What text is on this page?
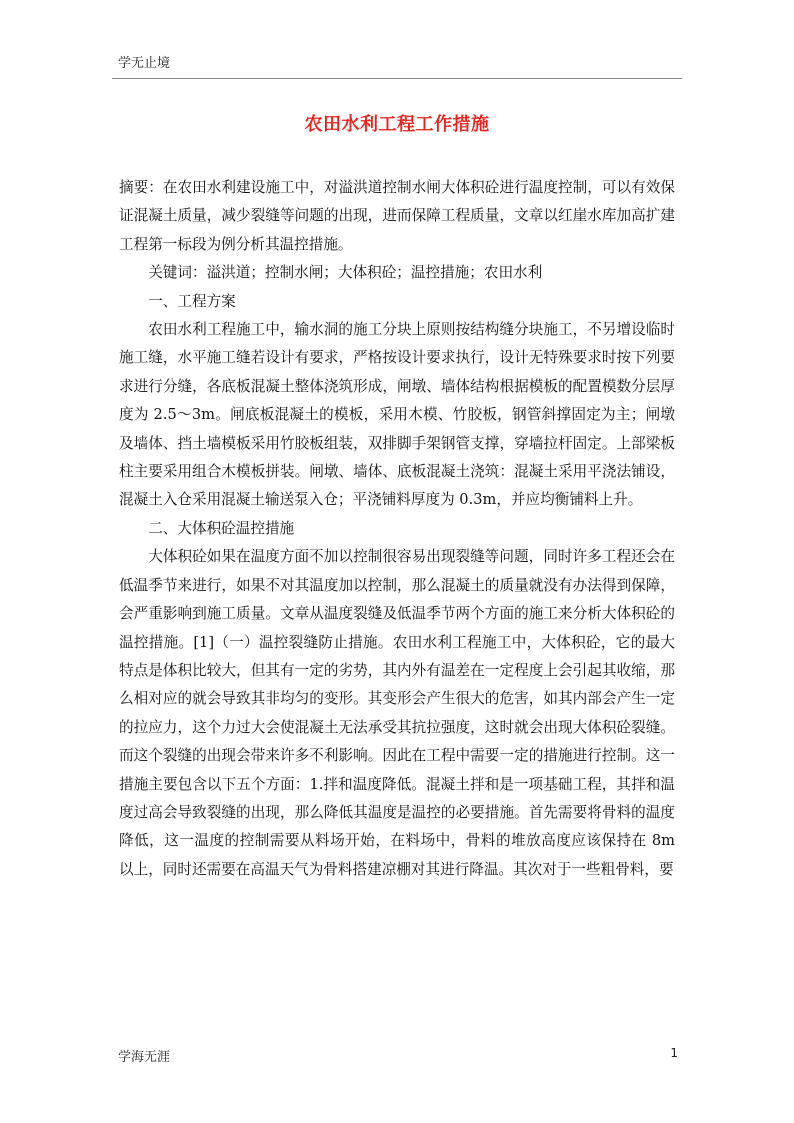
学无止境
农田水利工程工作措施

摘要：在农田水利建设施工中，对溢洪道控制水闸大体积砼进行温度控制，可以有效保证混凝土质量，减少裂缝等问题的出现，进而保障工程质量，文章以红崖水库加高扩建工程第一标段为例分析其温控措施。

关键词：溢洪道；控制水闸；大体积砼；温控措施；农田水利

一、工程方案

农田水利工程施工中，输水洞的施工分块上原则按结构缝分块施工，不另增设临时施工缝，水平施工缝若设计有要求，严格按设计要求执行，设计无特殊要求时按下列要求进行分缝，各底板混凝土整体浇筑形成，闸墩、墙体结构根据模板的配置模数分层厚度为 2.5～3m。闸底板混凝土的模板，采用木模、竹胶板，钢管斜撑固定为主；闸墩及墙体、挡土墙模板采用竹胶板组装，双排脚手架钢管支撑，穿墙拉杆固定。上部梁板柱主要采用组合木模板拼装。闸墩、墙体、底板混凝土浇筑：混凝土采用平浇法铺设，混凝土入仓采用混凝土输送泵入仓；平浇铺料厚度为 0.3m，并应均衡铺料上升。

二、大体积砼温控措施

大体积砼如果在温度方面不加以控制很容易出现裂缝等问题，同时许多工程还会在低温季节来进行，如果不对其温度加以控制，那么混凝土的质量就没有办法得到保障，会严重影响到施工质量。文章从温度裂缝及低温季节两个方面的施工来分析大体积砼的温控措施。[1]（一）温控裂缝防止措施。农田水利工程施工中，大体积砼，它的最大特点是体积比较大，但其有一定的劣势，其内外有温差在一定程度上会引起其收缩，那么相对应的就会导致其非均匀的变形。其变形会产生很大的危害，如其内部会产生一定的拉应力，这个力过大会使混凝土无法承受其抗拉强度，这时就会出现大体积砼裂缝。而这个裂缝的出现会带来许多不利影响。因此在工程中需要一定的措施进行控制。这一措施主要包含以下五个方面：1.拌和温度降低。混凝土拌和是一项基础工程，其拌和温度过高会导致裂缝的出现，那么降低其温度是温控的必要措施。首先需要将骨料的温度降低，这一温度的控制需要从料场开始，在料场中，骨料的堆放高度应该保持在 8m 以上，同时还需要在高温天气为骨料搭建凉棚对其进行降温。其次对于一些粗骨料，要

学海无涯	1
